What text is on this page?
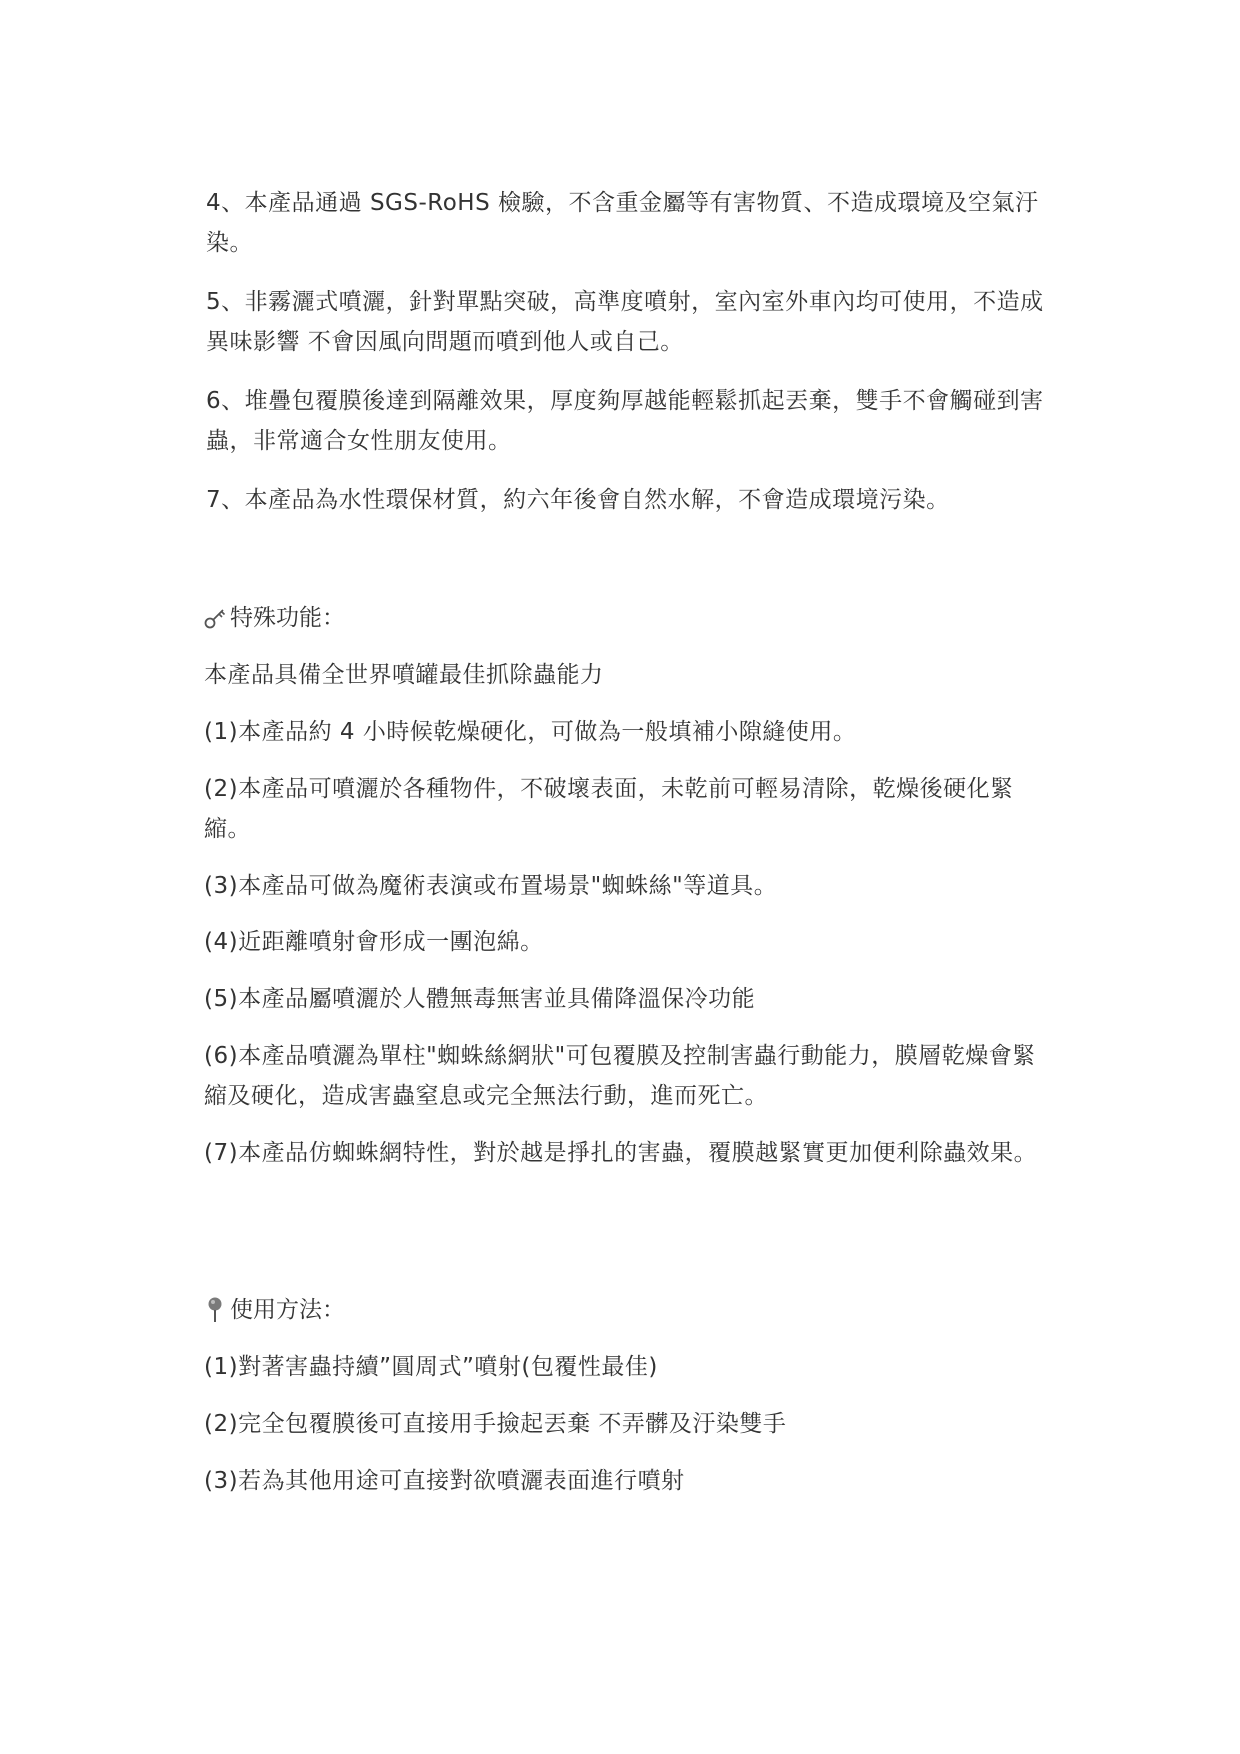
4、本產品通過 SGS-RoHS 檢驗，不含重金屬等有害物質、不造成環境及空氣汙染。

5、非霧灑式噴灑，針對單點突破，高準度噴射，室內室外車內均可使用，不造成異味影響 不會因風向問題而噴到他人或自己。

6、堆疊包覆膜後達到隔離效果，厚度夠厚越能輕鬆抓起丟棄，雙手不會觸碰到害蟲，非常適合女性朋友使用。

7、本產品為水性環保材質，約六年後會自然水解，不會造成環境污染。

特殊功能：

本產品具備全世界噴罐最佳抓除蟲能力

(1)本產品約 4 小時候乾燥硬化，可做為一般填補小隙縫使用。

(2)本產品可噴灑於各種物件，不破壞表面，未乾前可輕易清除，乾燥後硬化緊縮。

(3)本產品可做為魔術表演或布置場景"蜘蛛絲"等道具。

(4)近距離噴射會形成一團泡綿。

(5)本產品屬噴灑於人體無毒無害並具備降溫保冷功能

(6)本產品噴灑為單柱"蜘蛛絲網狀"可包覆膜及控制害蟲行動能力，膜層乾燥會緊縮及硬化，造成害蟲窒息或完全無法行動，進而死亡。

(7)本產品仿蜘蛛網特性，對於越是掙扎的害蟲，覆膜越緊實更加便利除蟲效果。

使用方法：

(1)對著害蟲持續”圓周式”噴射(包覆性最佳)

(2)完全包覆膜後可直接用手撿起丟棄 不弄髒及汙染雙手

(3)若為其他用途可直接對欲噴灑表面進行噴射
